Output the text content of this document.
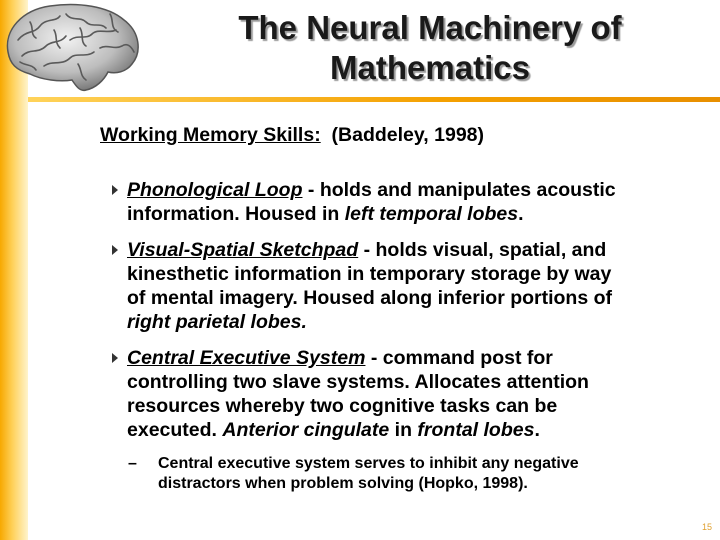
The Neural Machinery of
Mathematics
Working Memory Skills: (Baddeley, 1998)
Phonological Loop - holds and manipulates acoustic
information. Housed in left temporal lobes.
Visual-Spatial Sketchpad - holds visual, spatial, and
kinesthetic information in temporary storage by way
of mental imagery. Housed along inferior portions of
right parietal lobes.
Central Executive System - command post for
controlling two slave systems. Allocates attention
resources whereby two cognitive tasks can be
executed. Anterior cingulate in frontal lobes.
– Central executive system serves to inhibit any negative
distractors when problem solving (Hopko, 1998).
15
